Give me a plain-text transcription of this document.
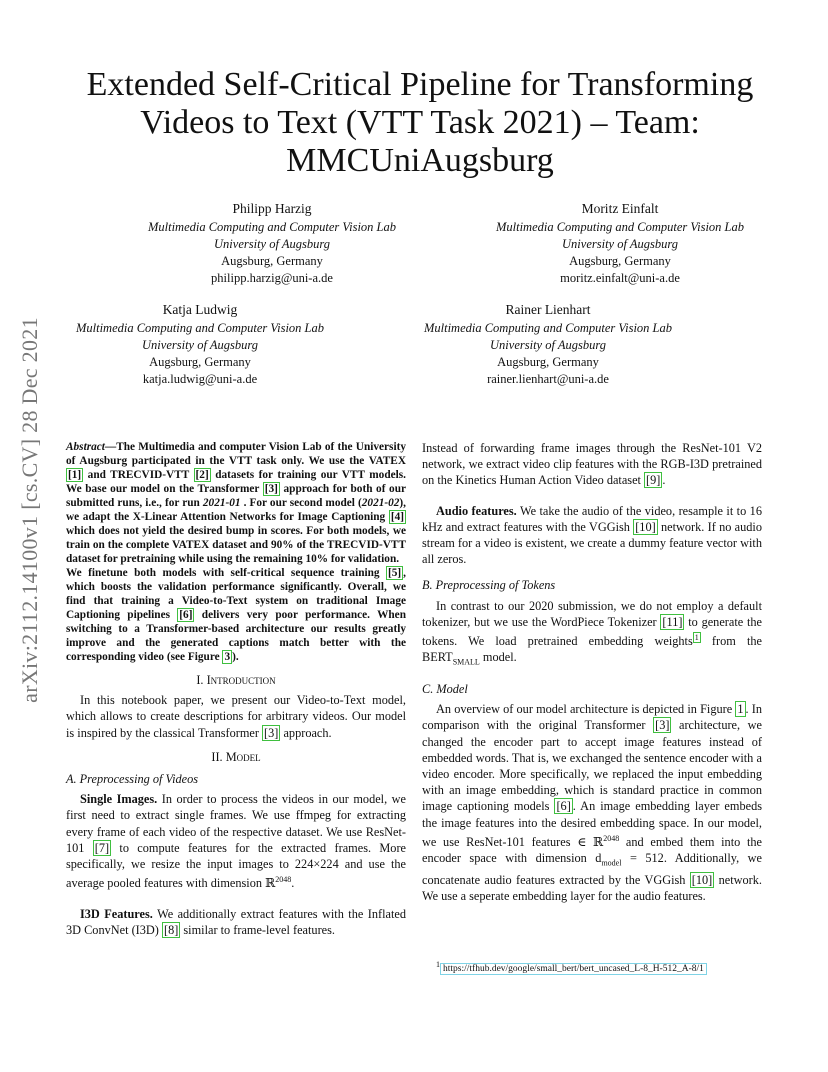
arXiv:2112.14100v1 [cs.CV] 28 Dec 2021
Extended Self-Critical Pipeline for Transforming Videos to Text (VTT Task 2021) – Team: MMCUniAugsburg
Philipp Harzig
Multimedia Computing and Computer Vision Lab
University of Augsburg
Augsburg, Germany
philipp.harzig@uni-a.de
Moritz Einfalt
Multimedia Computing and Computer Vision Lab
University of Augsburg
Augsburg, Germany
moritz.einfalt@uni-a.de
Katja Ludwig
Multimedia Computing and Computer Vision Lab
University of Augsburg
Augsburg, Germany
katja.ludwig@uni-a.de
Rainer Lienhart
Multimedia Computing and Computer Vision Lab
University of Augsburg
Augsburg, Germany
rainer.lienhart@uni-a.de

Abstract—The Multimedia and computer Vision Lab of the University of Augsburg participated in the VTT task only. We use the VATEX [1] and TRECVID-VTT [2] datasets for training our VTT models. We base our model on the Transformer [3] approach for both of our submitted runs, i.e., for run 2021-01 . For our second model (2021-02), we adapt the X-Linear Attention Networks for Image Captioning [4] which does not yield the desired bump in scores. For both models, we train on the complete VATEX dataset and 90% of the TRECVID-VTT dataset for pretraining while using the remaining 10% for validation.

We finetune both models with self-critical sequence training [5] , which boosts the validation performance significantly. Overall, we find that training a Video-to-Text system on traditional Image Captioning pipelines [6] delivers very poor performance. When switching to a Transformer-based architecture our results greatly improve and the generated captions match better with the corresponding video (see Figure 3 ).

I. Introduction

In this notebook paper, we present our Video-to-Text model, which allows to create descriptions for arbitrary videos. Our model is inspired by the classical Transformer [3] approach.

II. Model
A. Preprocessing of Videos

Single Images. In order to process the videos in our model, we first need to extract single frames. We use ffmpeg for extracting every frame of each video of the respective dataset. We use ResNet-101 [7] to compute features for the extracted frames. More specifically, we resize the input images to 224×224 and use the average pooled features with dimension ℝ$^{2048}$.

I3D Features. We additionally extract features with the Inflated 3D ConvNet (I3D) [8] similar to frame-level features.

Instead of forwarding frame images through the ResNet-101 V2 network, we extract video clip features with the RGB-I3D pretrained on the Kinetics Human Action Video dataset [9] .

Audio features. We take the audio of the video, resample it to 16 kHz and extract features with the VGGish [10] network. If no audio stream for a video is existent, we create a dummy feature vector with all zeros.

B. Preprocessing of Tokens

In contrast to our 2020 submission, we do not employ a default tokenizer, but we use the WordPiece Tokenizer [11] to generate the tokens. We load pretrained embedding weights $^1$ from the $BERT_{SMALL}$ model.

C. Model

An overview of our model architecture is depicted in Figure 1 . In comparison with the original Transformer [3] architecture, we changed the encoder part to accept image features instead of embedded words. That is, we exchanged the sentence encoder with a video encoder. More specifically, we replaced the input embedding with an image embedding, which is standard practice in common image captioning models [6] . An image embedding layer embeds the image features into the desired embedding space. In our model, we use ResNet-101 features ∈ ℝ$^{2048}$ and embed them into the encoder space with dimension $d_{model} = 512$. Additionally, we concatenate audio features extracted by the VGGish [10] network. We use a seperate embedding layer for the audio features.

$^1$ https://tfhub.dev/google/small_bert/bert_uncased_L-8_H-512_A-8/1
